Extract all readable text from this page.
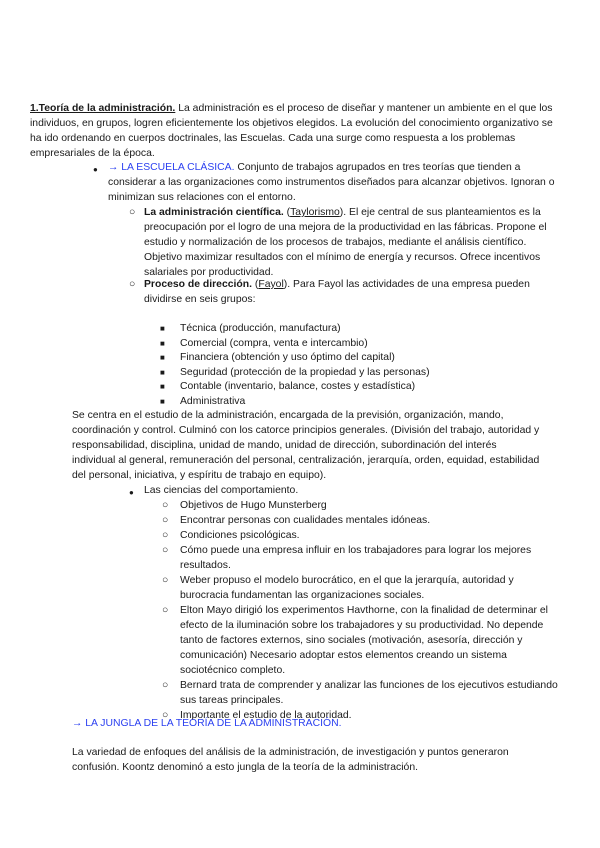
1.Teoría de la administración. La administración es el proceso de diseñar y mantener un ambiente en el que los individuos, en grupos, logren eficientemente los objetivos elegidos. La evolución del conocimiento organizativo se ha ido ordenando en cuerpos doctrinales, las Escuelas. Cada una surge como respuesta a los problemas empresariales de la época.

● → LA ESCUELA CLÁSICA. Conjunto de trabajos agrupados en tres teorías que tienden a considerar a las organizaciones como instrumentos diseñados para alcanzar objetivos. Ignoran o minimizan sus relaciones con el entorno.

○ La administración científica. (Taylorismo). El eje central de sus planteamientos es la preocupación por el logro de una mejora de la productividad en las fábricas. Propone el estudio y normalización de los procesos de trabajos, mediante el análisis científico. Objetivo maximizar resultados con el mínimo de energía y recursos. Ofrece incentivos salariales por productividad.

○ Proceso de dirección. (Fayol). Para Fayol las actividades de una empresa pueden dividirse en seis grupos:

■ Técnica (producción, manufactura)
■ Comercial (compra, venta e intercambio)
■ Financiera (obtención y uso óptimo del capital)
■ Seguridad (protección de la propiedad y las personas)
■ Contable (inventario, balance, costes y estadística)
■ Administrativa

Se centra en el estudio de la administración, encargada de la previsión, organización, mando, coordinación y control. Culminó con los catorce principios generales. (División del trabajo, autoridad y responsabilidad, disciplina, unidad de mando, unidad de dirección, subordinación del interés individual al general, remuneración del personal, centralización, jerarquía, orden, equidad, estabilidad del personal, iniciativa, y espíritu de trabajo en equipo).

● Las ciencias del comportamiento.

○ Objetivos de Hugo Munsterberg
○ Encontrar personas con cualidades mentales idóneas.
○ Condiciones psicológicas.
○ Cómo puede una empresa influir en los trabajadores para lograr los mejores resultados.
○ Weber propuso el modelo burocrático, en el que la jerarquía, autoridad y burocracia fundamentan las organizaciones sociales.
○ Elton Mayo dirigió los experimentos Havthorne, con la finalidad de determinar el efecto de la iluminación sobre los trabajadores y su productividad. No depende tanto de factores externos, sino sociales (motivación, asesoría, dirección y comunicación) Necesario adoptar estos elementos creando un sistema sociotécnico completo.
○ Bernard trata de comprender y analizar las funciones de los ejecutivos estudiando sus tareas principales.
○ Importante el estudio de la autoridad.

→ LA JUNGLA DE LA TEORÍA DE LA ADMINISTRACIÓN.

La variedad de enfoques del análisis de la administración, de investigación y puntos generaron confusión. Koontz denominó a esto jungla de la teoría de la administración.
